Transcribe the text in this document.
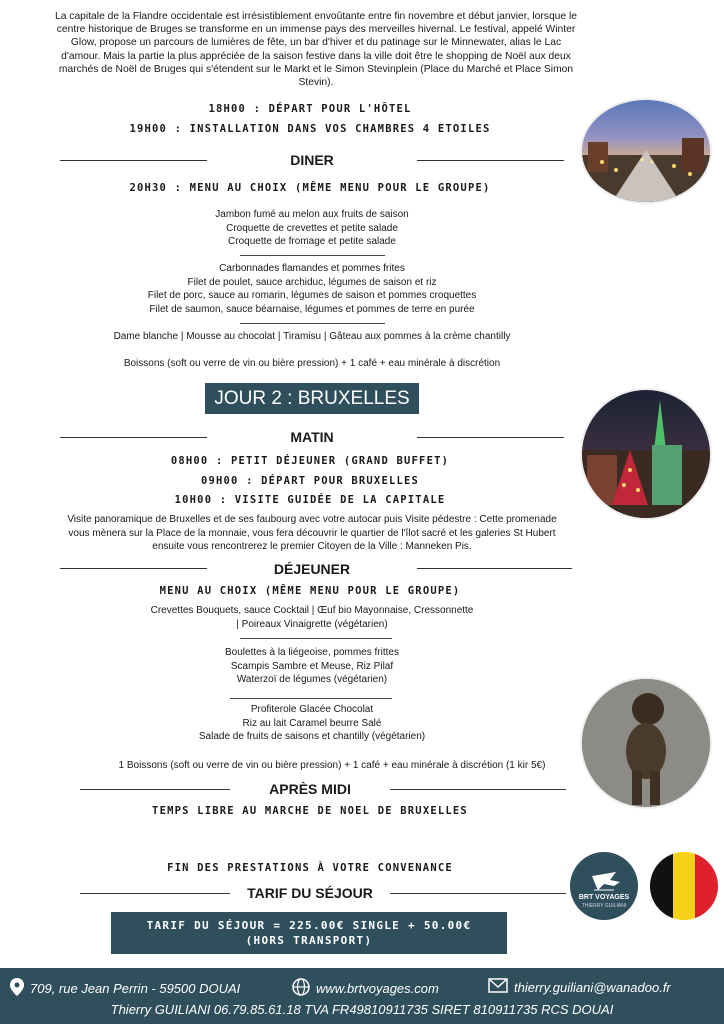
La capitale de la Flandre occidentale est irrésistiblement envoûtante entre fin novembre et début janvier, lorsque le centre historique de Bruges se transforme en un immense pays des merveilles hivernal. Le festival, appelé Winter Glow, propose un parcours de lumières de fête, un bar d'hiver et du patinage sur le Minnewater, alias le Lac d'amour. Mais la partie la plus appréciée de la saison festive dans la ville doit être le shopping de Noël aux deux marchés de Noël de Bruges qui s'étendent sur le Markt et le Simon Stevinplein (Place du Marché et Place Simon Stevin).
18H00 : DÉPART POUR L'HÔTEL
19H00 : INSTALLATION DANS VOS CHAMBRES 4 ETOILES
DINER
20H30 : MENU AU CHOIX (MÊME MENU POUR LE GROUPE)
Jambon fumé au melon aux fruits de saison
Croquette de crevettes et petite salade
Croquette de fromage et petite salade
Carbonnades flamandes et pommes frites
Filet de poulet, sauce archiduc, légumes de saison et riz
Filet de porc, sauce au romarin, légumes de saison et pommes croquettes
Filet de saumon, sauce béarnaise, légumes et pommes de terre en purée
Dame blanche | Mousse au chocolat | Tiramisu | Gâteau aux pommes à la crème chantilly
Boissons (soft ou verre de vin ou bière pression) + 1 café + eau minérale à discrétion
JOUR 2 : BRUXELLES
MATIN
08H00 : PETIT DÉJEUNER (GRAND BUFFET)
09H00 : DÉPART POUR BRUXELLES
10H00 : VISITE GUIDÉE DE LA CAPITALE
Visite panoramique de Bruxelles et de ses faubourg avec votre autocar puis Visite pédestre : Cette promenade vous mènera sur la Place de la monnaie, vous fera découvrir le quartier de l'îlot sacré et les galeries St Hubert ensuite vous rencontrerez le premier Citoyen de la Ville : Manneken Pis.
DÉJEUNER
MENU AU CHOIX (MÊME MENU POUR LE GROUPE)
Crevettes Bouquets, sauce Cocktail | Œuf bio Mayonnaise, Cressonnette
| Poireaux Vinaigrette (végétarien)
Boulettes à la liégeoise, pommes frittes
Scampis Sambre et Meuse, Riz Pilaf
Waterzoï de légumes (végétarien)
Profiterole Glacée Chocolat
Riz au lait Caramel beurre Salé
Salade de fruits de saisons et chantilly (végétarien)
1 Boissons (soft ou verre de vin ou bière pression) + 1 café + eau minérale à discrétion (1 kir 5€)
APRÈS MIDI
TEMPS LIBRE AU MARCHE DE NOEL DE BRUXELLES
FIN DES PRESTATIONS À VOTRE CONVENANCE
TARIF DU SÉJOUR
TARIF DU SÉJOUR = 225.00€ SINGLE + 50.00€
(HORS TRANSPORT)
BRT VOYAGES
THIERRY GUILIANI
709, rue Jean Perrin - 59500 DOUAI	www.brtvoyages.com	thierry.guiliani@wanadoo.fr
Thierry GUILIANI 06.79.85.61.18 TVA FR49810911735 SIRET 810911735 RCS DOUAI
